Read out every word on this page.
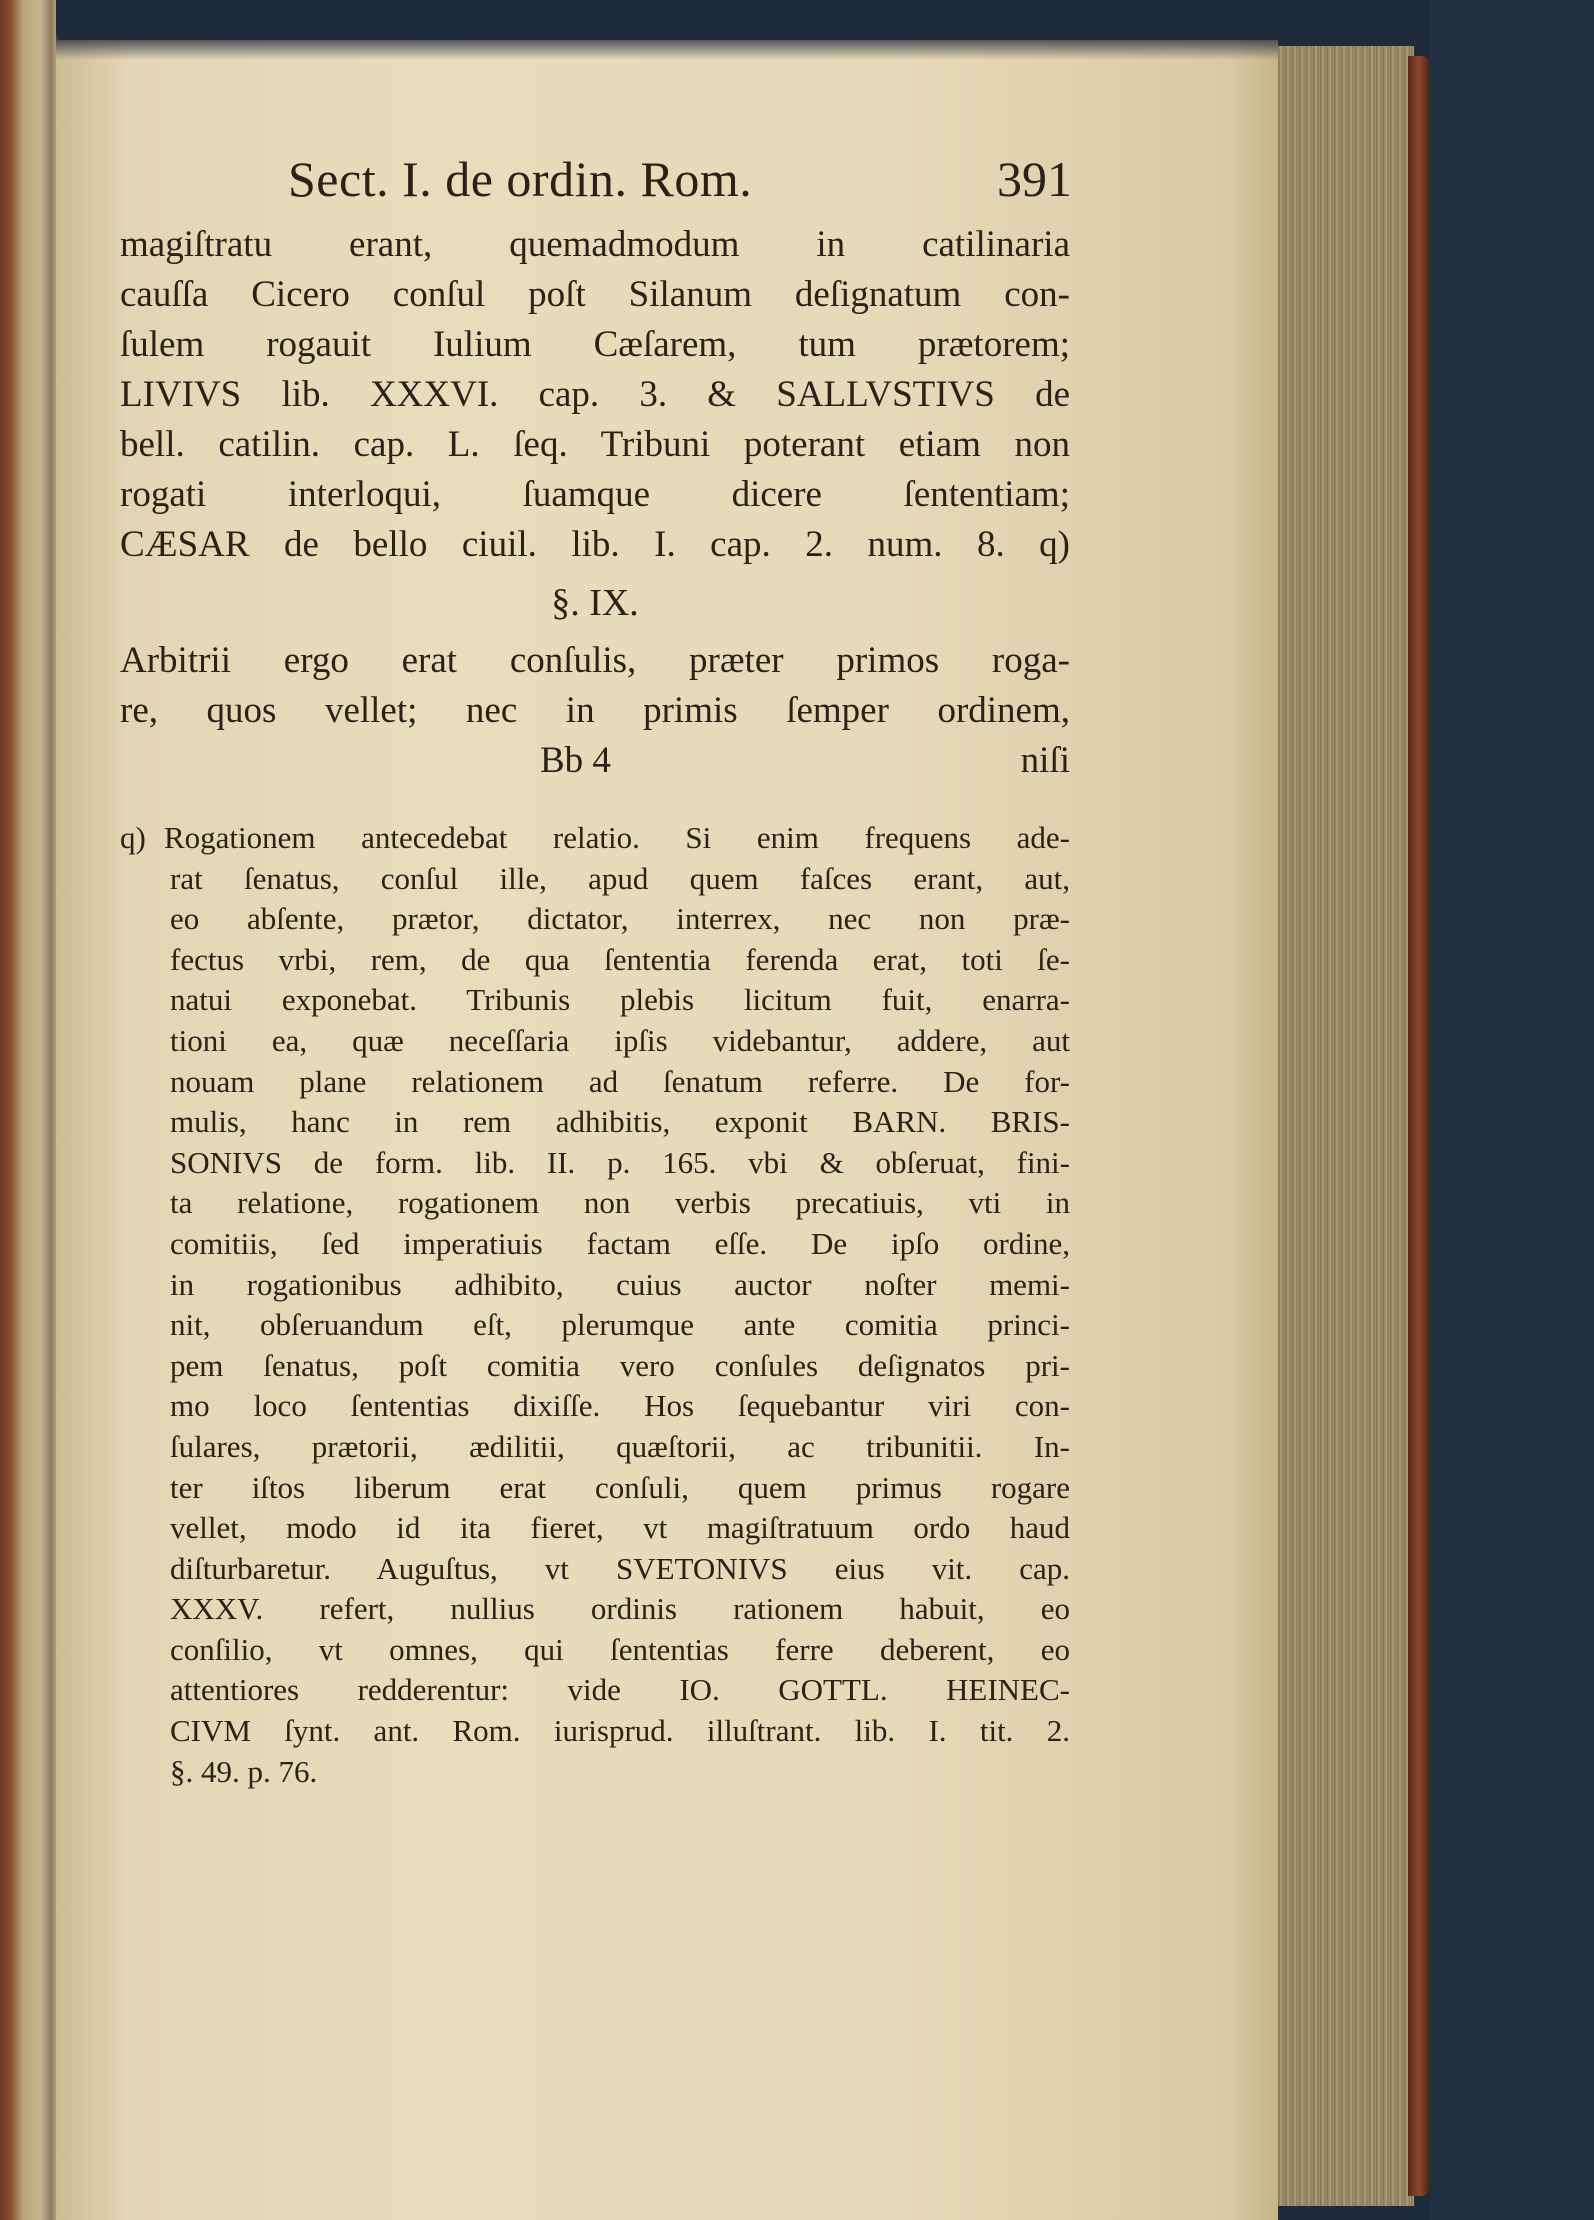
Sect. I. de ordin. Rom.	391
magiſtratu erant, quemadmodum in catilinaria
cauſſa Cicero conſul poſt Silanum deſignatum con-
ſulem rogauit Iulium Cæſarem, tum prætorem;
LIVIVS lib. XXXVI. cap. 3. & SALLVSTIVS de
bell. catilin. cap. L. ſeq. Tribuni poterant etiam non
rogati interloqui, ſuamque dicere ſententiam;
CÆSAR de bello ciuil. lib. I. cap. 2. num. 8. q)
§. IX.
Arbitrii ergo erat conſulis, præter primos roga-
re, quos vellet; nec in primis ſemper ordinem,
Bb 4	niſi
q) Rogationem antecedebat relatio. Si enim frequens ade-
rat ſenatus, conſul ille, apud quem faſces erant, aut,
eo abſente, prætor, dictator, interrex, nec non præ-
fectus vrbi, rem, de qua ſententia ferenda erat, toti ſe-
natui exponebat. Tribunis plebis licitum fuit, enarra-
tioni ea, quæ neceſſaria ipſis videbantur, addere, aut
nouam plane relationem ad ſenatum referre. De for-
mulis, hanc in rem adhibitis, exponit BARN. BRIS-
SONIVS de form. lib. II. p. 165. vbi & obſeruat, fini-
ta relatione, rogationem non verbis precatiuis, vti in
comitiis, ſed imperatiuis factam eſſe. De ipſo ordine,
in rogationibus adhibito, cuius auctor noſter memi-
nit, obſeruandum eſt, plerumque ante comitia princi-
pem ſenatus, poſt comitia vero conſules deſignatos pri-
mo loco ſententias dixiſſe. Hos ſequebantur viri con-
ſulares, prætorii, ædilitii, quæſtorii, ac tribunitii. In-
ter iſtos liberum erat conſuli, quem primus rogare
vellet, modo id ita fieret, vt magiſtratuum ordo haud
diſturbaretur. Auguſtus, vt SVETONIVS eius vit. cap.
XXXV. refert, nullius ordinis rationem habuit, eo
conſilio, vt omnes, qui ſententias ferre deberent, eo
attentiores redderentur: vide IO. GOTTL. HEINEC-
CIVM ſynt. ant. Rom. iurisprud. illuſtrant. lib. I. tit. 2.
§. 49. p. 76.
